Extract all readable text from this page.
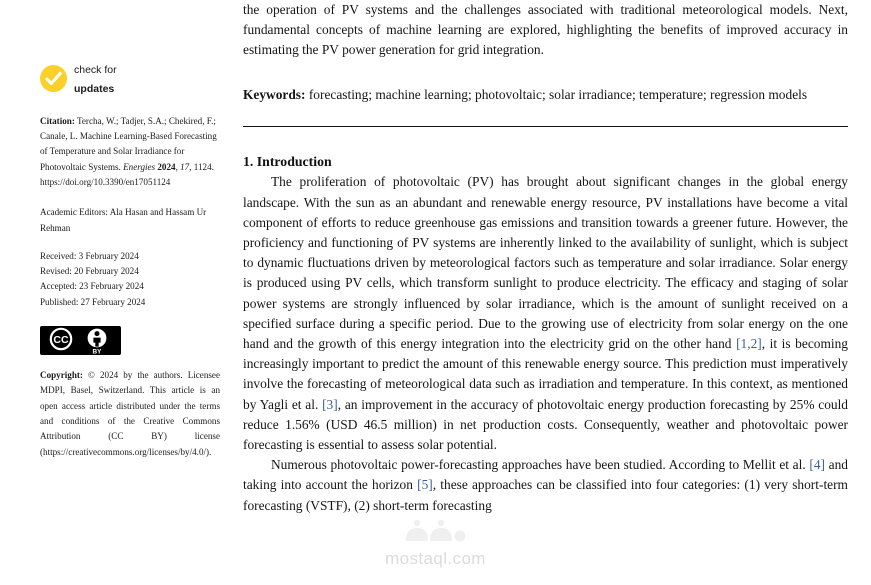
check for
updates
Citation: Tercha, W.; Tadjer, S.A.; Chekired, F.; Canale, L. Machine Learning-Based Forecasting of Temperature and Solar Irradiance for Photovoltaic Systems. Energies 2024, 17, 1124. https://doi.org/10.3390/en17051124
Academic Editors: Ala Hasan and Hassam Ur Rehman
Received: 3 February 2024
Revised: 20 February 2024
Accepted: 23 February 2024
Published: 27 February 2024
CC
BY
Copyright: © 2024 by the authors. Licensee MDPI, Basel, Switzerland. This article is an open access article distributed under the terms and conditions of the Creative Commons Attribution (CC BY) license (https://creativecommons.org/licenses/by/4.0/).

the operation of PV systems and the challenges associated with traditional meteorological models. Next, fundamental concepts of machine learning are explored, highlighting the benefits of improved accuracy in estimating the PV power generation for grid integration.

Keywords: forecasting; machine learning; photovoltaic; solar irradiance; temperature; regression models

1. Introduction

The proliferation of photovoltaic (PV) has brought about significant changes in the global energy landscape. With the sun as an abundant and renewable energy resource, PV installations have become a vital component of efforts to reduce greenhouse gas emissions and transition towards a greener future. However, the proficiency and functioning of PV systems are inherently linked to the availability of sunlight, which is subject to dynamic fluctuations driven by meteorological factors such as temperature and solar irradiance. Solar energy is produced using PV cells, which transform sunlight to produce electricity. The efficacy and staging of solar power systems are strongly influenced by solar irradiance, which is the amount of sunlight received on a specified surface during a specific period. Due to the growing use of electricity from solar energy on the one hand and the growth of this energy integration into the electricity grid on the other hand [1,2], it is becoming increasingly important to predict the amount of this renewable energy source. This prediction must imperatively involve the forecasting of meteorological data such as irradiation and temperature. In this context, as mentioned by Yagli et al. [3], an improvement in the accuracy of photovoltaic energy production forecasting by 25% could reduce 1.56% (USD 46.5 million) in net production costs. Consequently, weather and photovoltaic power forecasting is essential to assess solar potential.

Numerous photovoltaic power-forecasting approaches have been studied. According to Mellit et al. [4] and taking into account the horizon [5], these approaches can be classified into four categories: (1) very short-term forecasting (VSTF), (2) short-term forecasting

mostaql.com
